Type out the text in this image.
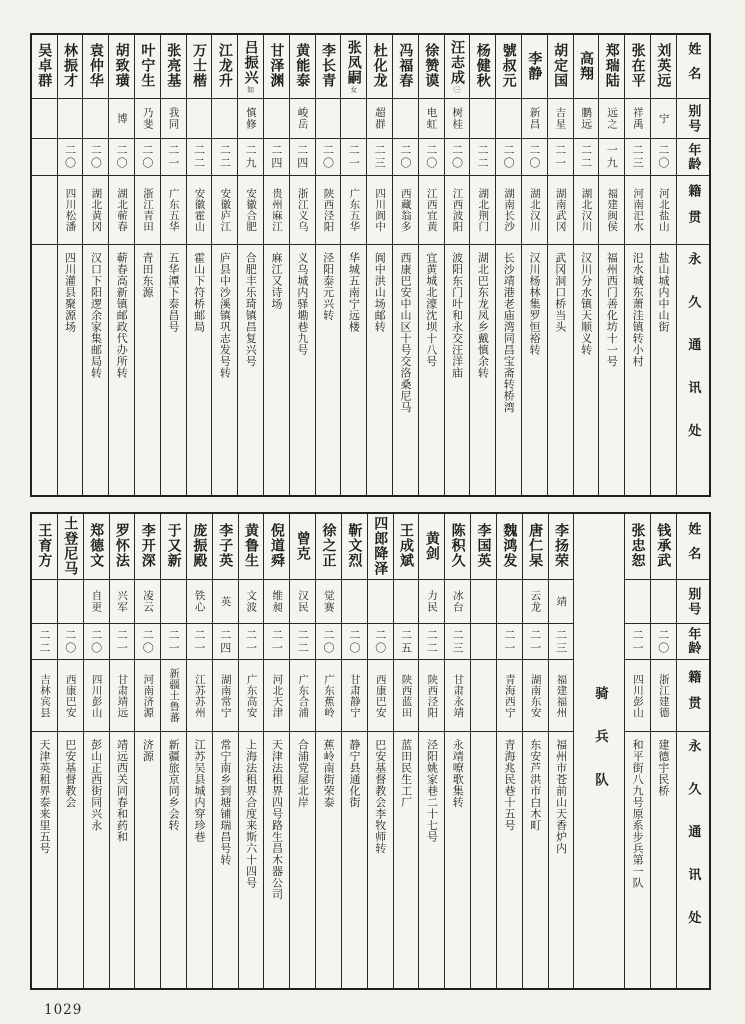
姓名
别号
年龄
籍贯
永久通讯处
刘英远
宁
二〇
河北盐山
盐山城内中山街
张在平
祥禹
二三
河南汜水
汜水城东萧洼镇转小村
郑瑞陆
远之
一九
福建闽侯
福州西门善化坊十一号
高翔
鹏远
二二
湖北汉川
汉川分水镇天顺义转
胡定国
吉星
二一
湖南武冈
武冈洞口桥当头
李静
新昌
二〇
湖北汉川
汉川杨林集罗恒裕转
號叔元
二〇
湖南长沙
长沙靖港老庙湾同昌宝斋转桥湾
杨健秋
二二
湖北荆门
湖北巴东龙凤乡戴慎余转
汪志成
㊀
树桂
二〇
江西波阳
波阳东门叶和永交汪洋庙
徐赞谟
电虹
二〇
江西宜黄
宜黄城北濠沈坝十八号
冯福春
二〇
西藏翁多
西康巴安中山区十号交洛桑尼马
杜化龙
超群
二三
四川阆中
阆中洪山场邮转
张凤嗣
女
二一
广东五华
华城五南宁远楼
李长青
二〇
陕西泾阳
泾阳泰元兴转
黄能泰
峻岳
二四
浙江义乌
义乌城内驿墈巷九号
甘泽渊
二四
贵州麻江
麻江又诗场
吕振兴
如
慎修
二九
安徽合肥
合肥丰乐琦镇昌复兴号
江龙升
二二
安徽庐江
庐县中沙溪镇巩志发号转
万士楷
二二
安徽霍山
霍山下符桥邮局
张亮基
我同
二一
广东五华
五华潭下泰昌号
叶宁生
乃斐
二〇
浙江青田
青田东源
胡致璜
博
二〇
湖北蕲春
蕲春高新镇邮政代办所转
袁仲华
二〇
湖北黄冈
汉口下阳逻余家集邮局转
林振才
二〇
四川松潘
四川灌县聚源场
吴卓群
姓名
别号
年龄
籍贯
永久通讯处
钱承武
二〇
浙江建德
建德宇民桥
张忠恕
二一
四川彭山
和平街八九号原系步兵第一队
骑兵队
李扬荣
靖
二三
福建福州
福州市苍前山天香炉内
唐仁杲
云龙
二一
湖南东安
东安芦洪市白木町
魏鸿发
二一
青海西宁
青海兆民巷十五号
李国英
陈积久
冰台
二三
甘肃永靖
永靖嘹歌集转
黄剑
力民
二二
陕西泾阳
泾阳姚家巷二十七号
王成斌
二五
陕西蓝田
蓝田民生工厂
四郎降泽
二〇
西康巴安
巴安基督教会李牧师转
靳文烈
二〇
甘肃静宁
静宁县通化街
徐之正
觉赛
二〇
广东蕉岭
蕉岭南街荣泰
曾克
汉民
二二
广东合浦
合浦党屋北岸
倪道舜
维昶
二一
河北天津
天津法租界四号路生昌木器公司
黄鲁生
文波
二一
广东高安
上海法租界合度来斯六十四号
李子英
英
二四
湖南常宁
常宁南乡到塘铺瑞昌号转
庞振殿
铁心
二一
江苏苏州
江苏吴县城内穿珍巷
于又新
二一
新疆土鲁蕃
新疆旅京同乡会转
李开深
凌云
二〇
河南济源
济源
罗怀法
兴军
二一
甘肃靖远
靖远西关同春和药和
郑德文
自更
二〇
四川彭山
彭山正西街同兴永
土登尼马
二〇
西康巴安
巴安基督教会
王育方
二二
吉林宾县
天津英租界泰来里五号
1029
